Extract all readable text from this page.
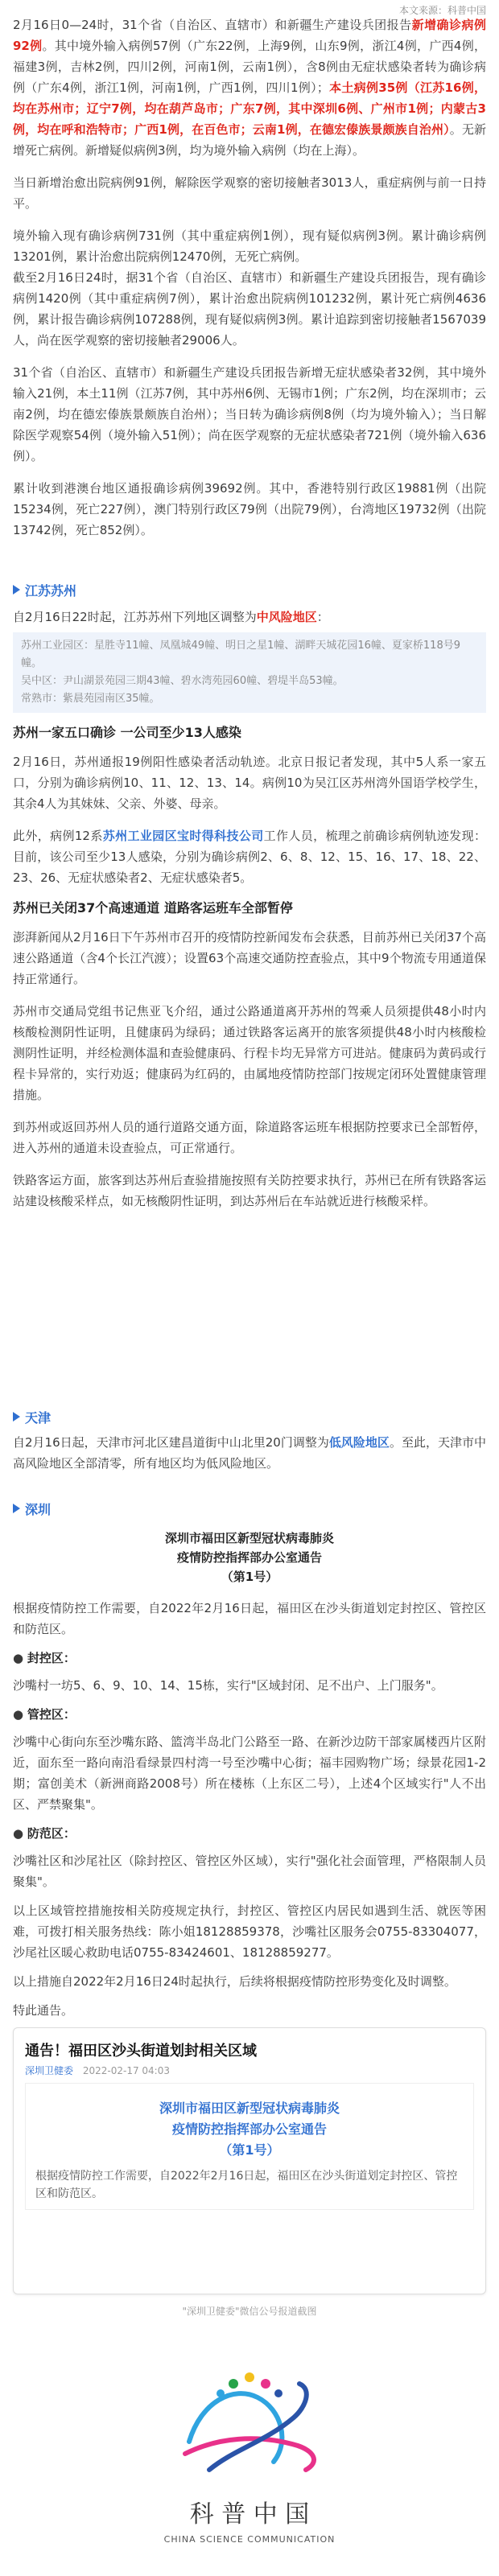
本文来源：科普中国

2月16日0—24时，31个省（自治区、直辖市）和新疆生产建设兵团报告新增确诊病例92例。其中境外输入病例57例（广东22例，上海9例，山东9例，浙江4例，广西4例，福建3例，吉林2例，四川2例，河南1例，云南1例），含8例由无症状感染者转为确诊病例（广东4例，浙江1例，河南1例，广西1例，四川1例）；本土病例35例（江苏16例，均在苏州市；辽宁7例，均在葫芦岛市；广东7例，其中深圳6例、广州市1例；内蒙古3例，均在呼和浩特市；广西1例，在百色市；云南1例，在德宏傣族景颇族自治州）。无新增死亡病例。新增疑似病例3例，均为境外输入病例（均在上海）。

当日新增治愈出院病例91例，解除医学观察的密切接触者3013人，重症病例与前一日持平。

境外输入现有确诊病例731例（其中重症病例1例），现有疑似病例3例。累计确诊病例13201例，累计治愈出院病例12470例，无死亡病例。

截至2月16日24时，据31个省（自治区、直辖市）和新疆生产建设兵团报告，现有确诊病例1420例（其中重症病例7例），累计治愈出院病例101232例，累计死亡病例4636例，累计报告确诊病例107288例，现有疑似病例3例。累计追踪到密切接触者1567039人，尚在医学观察的密切接触者29006人。

31个省（自治区、直辖市）和新疆生产建设兵团报告新增无症状感染者32例，其中境外输入21例，本土11例（江苏7例，其中苏州6例、无锡市1例；广东2例，均在深圳市；云南2例，均在德宏傣族景颇族自治州）；当日转为确诊病例8例（均为境外输入）；当日解除医学观察54例（境外输入51例）；尚在医学观察的无症状感染者721例（境外输入636例）。

累计收到港澳台地区通报确诊病例39692例。其中，香港特别行政区19881例（出院15234例，死亡227例），澳门特别行政区79例（出院79例），台湾地区19732例（出院13742例，死亡852例）。

江苏苏州

自2月16日22时起，江苏苏州下列地区调整为中风险地区：

苏州工业园区：星胜寺11幢、凤凰城49幢、明日之星1幢、湖畔天城花园16幢、夏家桥118号9幢。
吴中区：尹山湖景苑园三期43幢、碧水湾苑园60幢、碧堤半岛53幢。
常熟市：紫晨苑园南区35幢。
苏州一家五口确诊 一公司至少13人感染

2月16日，苏州通报19例阳性感染者活动轨迹。北京日报记者发现，其中5人系一家五口，分别为确诊病例10、11、12、13、14。病例10为吴江区苏州湾外国语学校学生，其余4人为其妹妹、父亲、外婆、母亲。

此外，病例12系苏州工业园区宝时得科技公司工作人员，梳理之前确诊病例轨迹发现：目前，该公司至少13人感染，分别为确诊病例2、6、8、12、15、16、17、18、22、23、26、无症状感染者2、无症状感染者5。

苏州已关闭37个高速通道 道路客运班车全部暂停

澎湃新闻从2月16日下午苏州市召开的疫情防控新闻发布会获悉，目前苏州已关闭37个高速公路通道（含4个长江汽渡）；设置63个高速交通防控查验点，其中9个物流专用通道保持正常通行。

苏州市交通局党组书记焦亚飞介绍，通过公路通道离开苏州的驾乘人员须提供48小时内核酸检测阴性证明，且健康码为绿码；通过铁路客运离开的旅客须提供48小时内核酸检测阴性证明，并经检测体温和查验健康码、行程卡均无异常方可进站。健康码为黄码或行程卡异常的，实行劝返；健康码为红码的，由属地疫情防控部门按规定闭环处置健康管理措施。

到苏州或返回苏州人员的通行道路交通方面，除道路客运班车根据防控要求已全部暂停，进入苏州的通道未设查验点，可正常通行。

铁路客运方面，旅客到达苏州后查验措施按照有关防控要求执行，苏州已在所有铁路客运站建设核酸采样点，如无核酸阴性证明，到达苏州后在车站就近进行核酸采样。

天津

自2月16日起，天津市河北区建昌道街中山北里20门调整为低风险地区。至此，天津市中高风险地区全部清零，所有地区均为低风险地区。

深圳
深圳市福田区新型冠状病毒肺炎
疫情防控指挥部办公室通告
（第1号）

根据疫情防控工作需要，自2022年2月16日起，福田区在沙头街道划定封控区、管控区和防范区。

● 封控区：

沙嘴村一坊5、6、9、10、14、15栋，实行"区域封闭、足不出户、上门服务"。

● 管控区：

沙嘴中心街向东至沙嘴东路、篮湾半岛北门公路至一路、在新沙边防干部家属楼西片区附近，面东至一路向南沿看绿景四村湾一号至沙嘴中心街；福丰园购物广场；绿景花园1-2期；富创美术（新洲商路2008号）所在楼栋（上东区二号），上述4个区域实行"人不出区、严禁聚集"。

● 防范区：

沙嘴社区和沙尾社区（除封控区、管控区外区域），实行"强化社会面管理，严格限制人员聚集"。

以上区域管控措施按相关防疫规定执行，封控区、管控区内居民如遇到生活、就医等困难，可拨打相关服务热线：陈小姐18128859378，沙嘴社区服务会0755-83304077，沙尾社区暖心救助电话0755-83424601、18128859277。

以上措施自2022年2月16日24时起执行，后续将根据疫情防控形势变化及时调整。

特此通告。

通告！福田区沙头街道划封相关区域
深圳卫健委 2022-02-17 04:03
深圳市福田区新型冠状病毒肺炎
疫情防控指挥部办公室通告
（第1号）
根据疫情防控工作需要，自2022年2月16日起，福田区在沙头街道划定封控区、管控区和防范区。
"深圳卫健委"微信公号报道截图
科 普 中 国
CHINA SCIENCE COMMUNICATION
